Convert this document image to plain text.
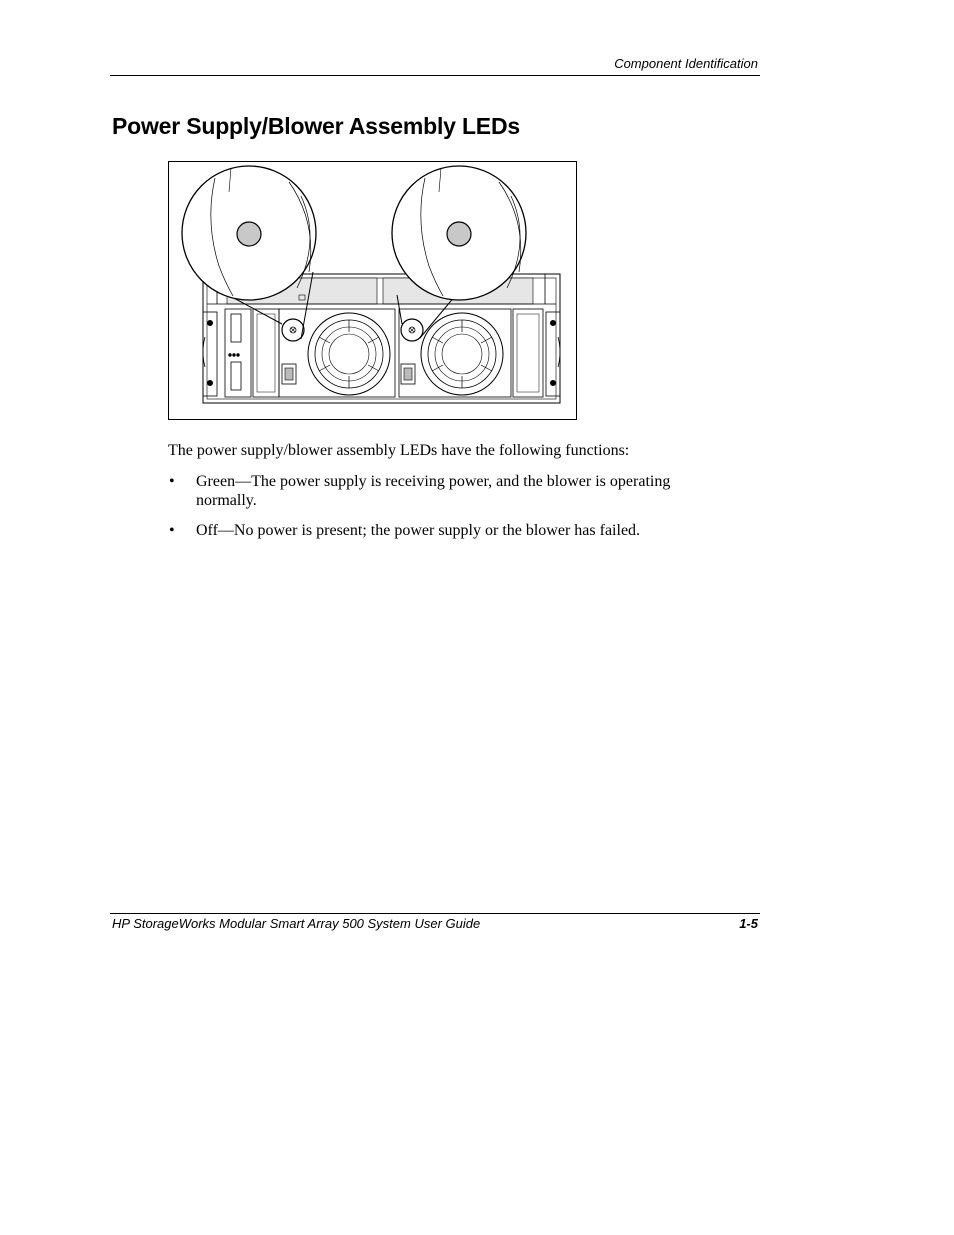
Component Identification
Power Supply/Blower Assembly LEDs

The power supply/blower assembly LEDs have the following functions:

• Green—The power supply is receiving power, and the blower is operating normally.
• Off—No power is present; the power supply or the blower has failed.
HP StorageWorks Modular Smart Array 500 System User Guide	1-5
